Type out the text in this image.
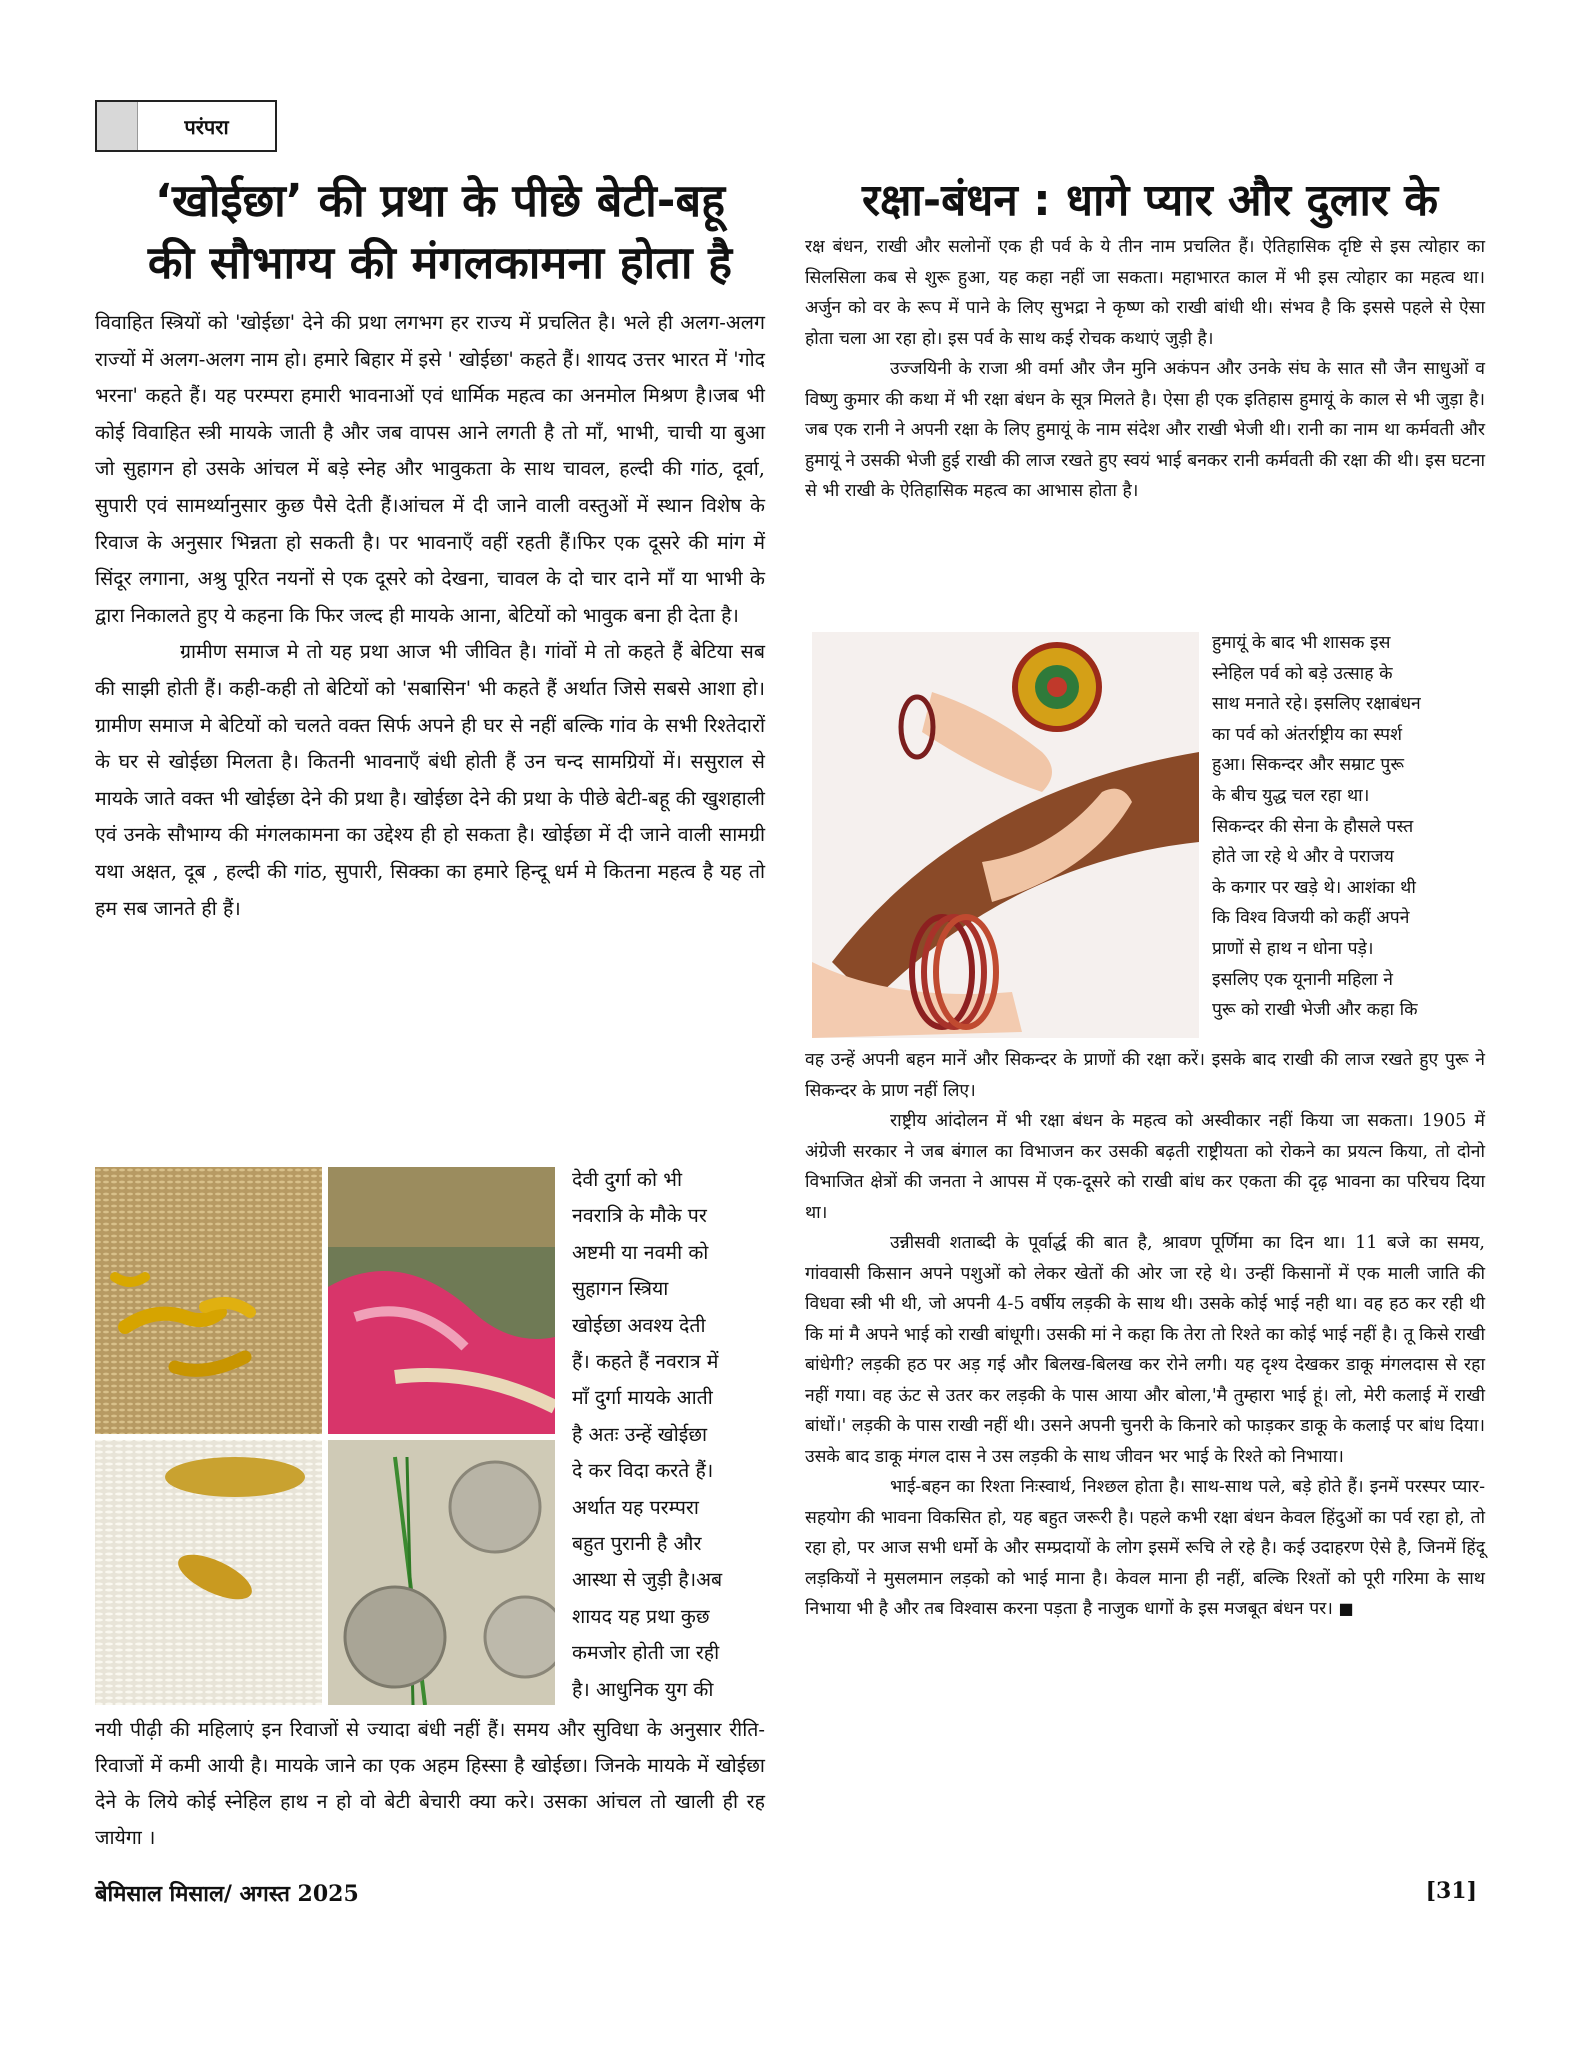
परंपरा
‘खोईछा’ की प्रथा के पीछे बेटी-बहू
की सौभाग्य की मंगलकामना होता है

विवाहित स्त्रियों को 'खोईछा' देने की प्रथा लगभग हर राज्य में प्रचलित है। भले ही अलग-अलग राज्यों में अलग-अलग नाम हो। हमारे बिहार में इसे ' खोईछा' कहते हैं। शायद उत्तर भारत में 'गोद भरना' कहते हैं। यह परम्परा हमारी भावनाओं एवं धार्मिक महत्व का अनमोल मिश्रण है।जब भी कोई विवाहित स्त्री मायके जाती है और जब वापस आने लगती है तो माँ, भाभी, चाची या बुआ जो सुहागन हो उसके आंचल में बड़े स्नेह और भावुकता के साथ चावल, हल्दी की गांठ, दूर्वा, सुपारी एवं सामर्थ्यानुसार कुछ पैसे देती हैं।आंचल में दी जाने वाली वस्तुओं में स्थान विशेष के रिवाज के अनुसार भिन्नता हो सकती है। पर भावनाएँ वहीं रहती हैं।फिर एक दूसरे की मांग में सिंदूर लगाना, अश्रु पूरित नयनों से एक दूसरे को देखना, चावल के दो चार दाने माँ या भाभी के द्वारा निकालते हुए ये कहना कि फिर जल्द ही मायके आना, बेटियों को भावुक बना ही देता है।

ग्रामीण समाज मे तो यह प्रथा आज भी जीवित है। गांवों मे तो कहते हैं बेटिया सब की साझी होती हैं। कही-कही तो बेटियों को 'सबासिन' भी कहते हैं अर्थात जिसे सबसे आशा हो। ग्रामीण समाज मे बेटियों को चलते वक्त सिर्फ अपने ही घर से नहीं बल्कि गांव के सभी रिश्तेदारों के घर से खोईछा मिलता है। कितनी भावनाएँ बंधी होती हैं उन चन्द सामग्रियों में। ससुराल से मायके जाते वक्त भी खोईछा देने की प्रथा है। खोईछा देने की प्रथा के पीछे बेटी-बहू की खुशहाली एवं उनके सौभाग्य की मंगलकामना का उद्देश्य ही हो सकता है। खोईछा में दी जाने वाली सामग्री यथा अक्षत, दूब , हल्दी की गांठ, सुपारी, सिक्का का हमारे हिन्दू धर्म मे कितना महत्व है यह तो हम सब जानते ही हैं।

देवी दुर्गा को भी
नवरात्रि के मौके पर
अष्टमी या नवमी को
सुहागन स्त्रिया
खोईछा अवश्य देती
हैं। कहते हैं नवरात्र में
माँ दुर्गा मायके आती
है अतः उन्हें खोईछा
दे कर विदा करते हैं।
अर्थात यह परम्परा
बहुत पुरानी है और
आस्था से जुड़ी है।अब
शायद यह प्रथा कुछ
कमजोर होती जा रही
है। आधुनिक युग की

नयी पीढ़ी की महिलाएं इन रिवाजों से ज्यादा बंधी नहीं हैं। समय और सुविधा के अनुसार रीति-रिवाजों में कमी आयी है। मायके जाने का एक अहम हिस्सा है खोईछा। जिनके मायके में खोईछा देने के लिये कोई स्नेहिल हाथ न हो वो बेटी बेचारी क्या करे। उसका आंचल तो खाली ही रह जायेगा ।

रक्षा-बंधन : धागे प्यार और दुलार के

रक्ष बंधन, राखी और सलोनों एक ही पर्व के ये तीन नाम प्रचलित हैं। ऐतिहासिक दृष्टि से इस त्योहार का सिलसिला कब से शुरू हुआ, यह कहा नहीं जा सकता। महाभारत काल में भी इस त्योहार का महत्व था। अर्जुन को वर के रूप में पाने के लिए सुभद्रा ने कृष्ण को राखी बांधी थी। संभव है कि इससे पहले से ऐसा होता चला आ रहा हो। इस पर्व के साथ कई रोचक कथाएं जुड़ी है।

उज्जयिनी के राजा श्री वर्मा और जैन मुनि अकंपन और उनके संघ के सात सौ जैन साधुओं व विष्णु कुमार की कथा में भी रक्षा बंधन के सूत्र मिलते है। ऐसा ही एक इतिहास हुमायूं के काल से भी जुड़ा है। जब एक रानी ने अपनी रक्षा के लिए हुमायूं के नाम संदेश और राखी भेजी थी। रानी का नाम था कर्मवती और हुमायूं ने उसकी भेजी हुई राखी की लाज रखते हुए स्वयं भाई बनकर रानी कर्मवती की रक्षा की थी। इस घटना से भी राखी के ऐतिहासिक महत्व का आभास होता है।

हुमायूं के बाद भी शासक इस
स्नेहिल पर्व को बड़े उत्साह के
साथ मनाते रहे। इसलिए रक्षाबंधन
का पर्व को अंतर्राष्ट्रीय का स्पर्श
हुआ। सिकन्दर और सम्राट पुरू
के बीच युद्ध चल रहा था।
सिकन्दर की सेना के हौसले पस्त
होते जा रहे थे और वे पराजय
के कगार पर खड़े थे। आशंका थी
कि विश्व विजयी को कहीं अपने
प्राणों से हाथ न धोना पड़े।
इसलिए एक यूनानी महिला ने
पुरू को राखी भेजी और कहा कि

वह उन्हें अपनी बहन मानें और सिकन्दर के प्राणों की रक्षा करें। इसके बाद राखी की लाज रखते हुए पुरू ने सिकन्दर के प्राण नहीं लिए।

राष्ट्रीय आंदोलन में भी रक्षा बंधन के महत्व को अस्वीकार नहीं किया जा सकता। 1905 में अंग्रेजी सरकार ने जब बंगाल का विभाजन कर उसकी बढ़ती राष्ट्रीयता को रोकने का प्रयत्न किया, तो दोनो विभाजित क्षेत्रों की जनता ने आपस में एक-दूसरे को राखी बांध कर एकता की दृढ़ भावना का परिचय दिया था।

उन्नीसवी शताब्दी के पूर्वार्द्ध की बात है, श्रावण पूर्णिमा का दिन था। 11 बजे का समय, गांववासी किसान अपने पशुओं को लेकर खेतों की ओर जा रहे थे। उन्हीं किसानों में एक माली जाति की विधवा स्त्री भी थी, जो अपनी 4-5 वर्षीय लड़की के साथ थी। उसके कोई भाई नही था। वह हठ कर रही थी कि मां मै अपने भाई को राखी बांधूगी। उसकी मां ने कहा कि तेरा तो रिश्ते का कोई भाई नहीं है। तू किसे राखी बांधेगी? लड़की हठ पर अड़ गई और बिलख-बिलख कर रोने लगी। यह दृश्य देखकर डाकू मंगलदास से रहा नहीं गया। वह ऊंट से उतर कर लड़की के पास आया और बोला,'मै तुम्हारा भाई हूं। लो, मेरी कलाई में राखी बांधों।' लड़की के पास राखी नहीं थी। उसने अपनी चुनरी के किनारे को फाड़कर डाकू के कलाई पर बांध दिया। उसके बाद डाकू मंगल दास ने उस लड़की के साथ जीवन भर भाई के रिश्ते को निभाया।

भाई-बहन का रिश्ता निःस्वार्थ, निश्छल होता है। साथ-साथ पले, बड़े होते हैं। इनमें परस्पर प्यार-सहयोग की भावना विकसित हो, यह बहुत जरूरी है। पहले कभी रक्षा बंधन केवल हिंदुओं का पर्व रहा हो, तो रहा हो, पर आज सभी धर्मो के और सम्प्रदायों के लोग इसमें रूचि ले रहे है। कई उदाहरण ऐसे है, जिनमें हिंदू लड़कियों ने मुसलमान लड़को को भाई माना है। केवल माना ही नहीं, बल्कि रिश्तों को पूरी गरिमा के साथ निभाया भी है और तब विश्वास करना पड़ता है नाजुक धागों के इस मजबूत बंधन पर। ■

बेमिसाल मिसाल/ अगस्त 2025	[31]
